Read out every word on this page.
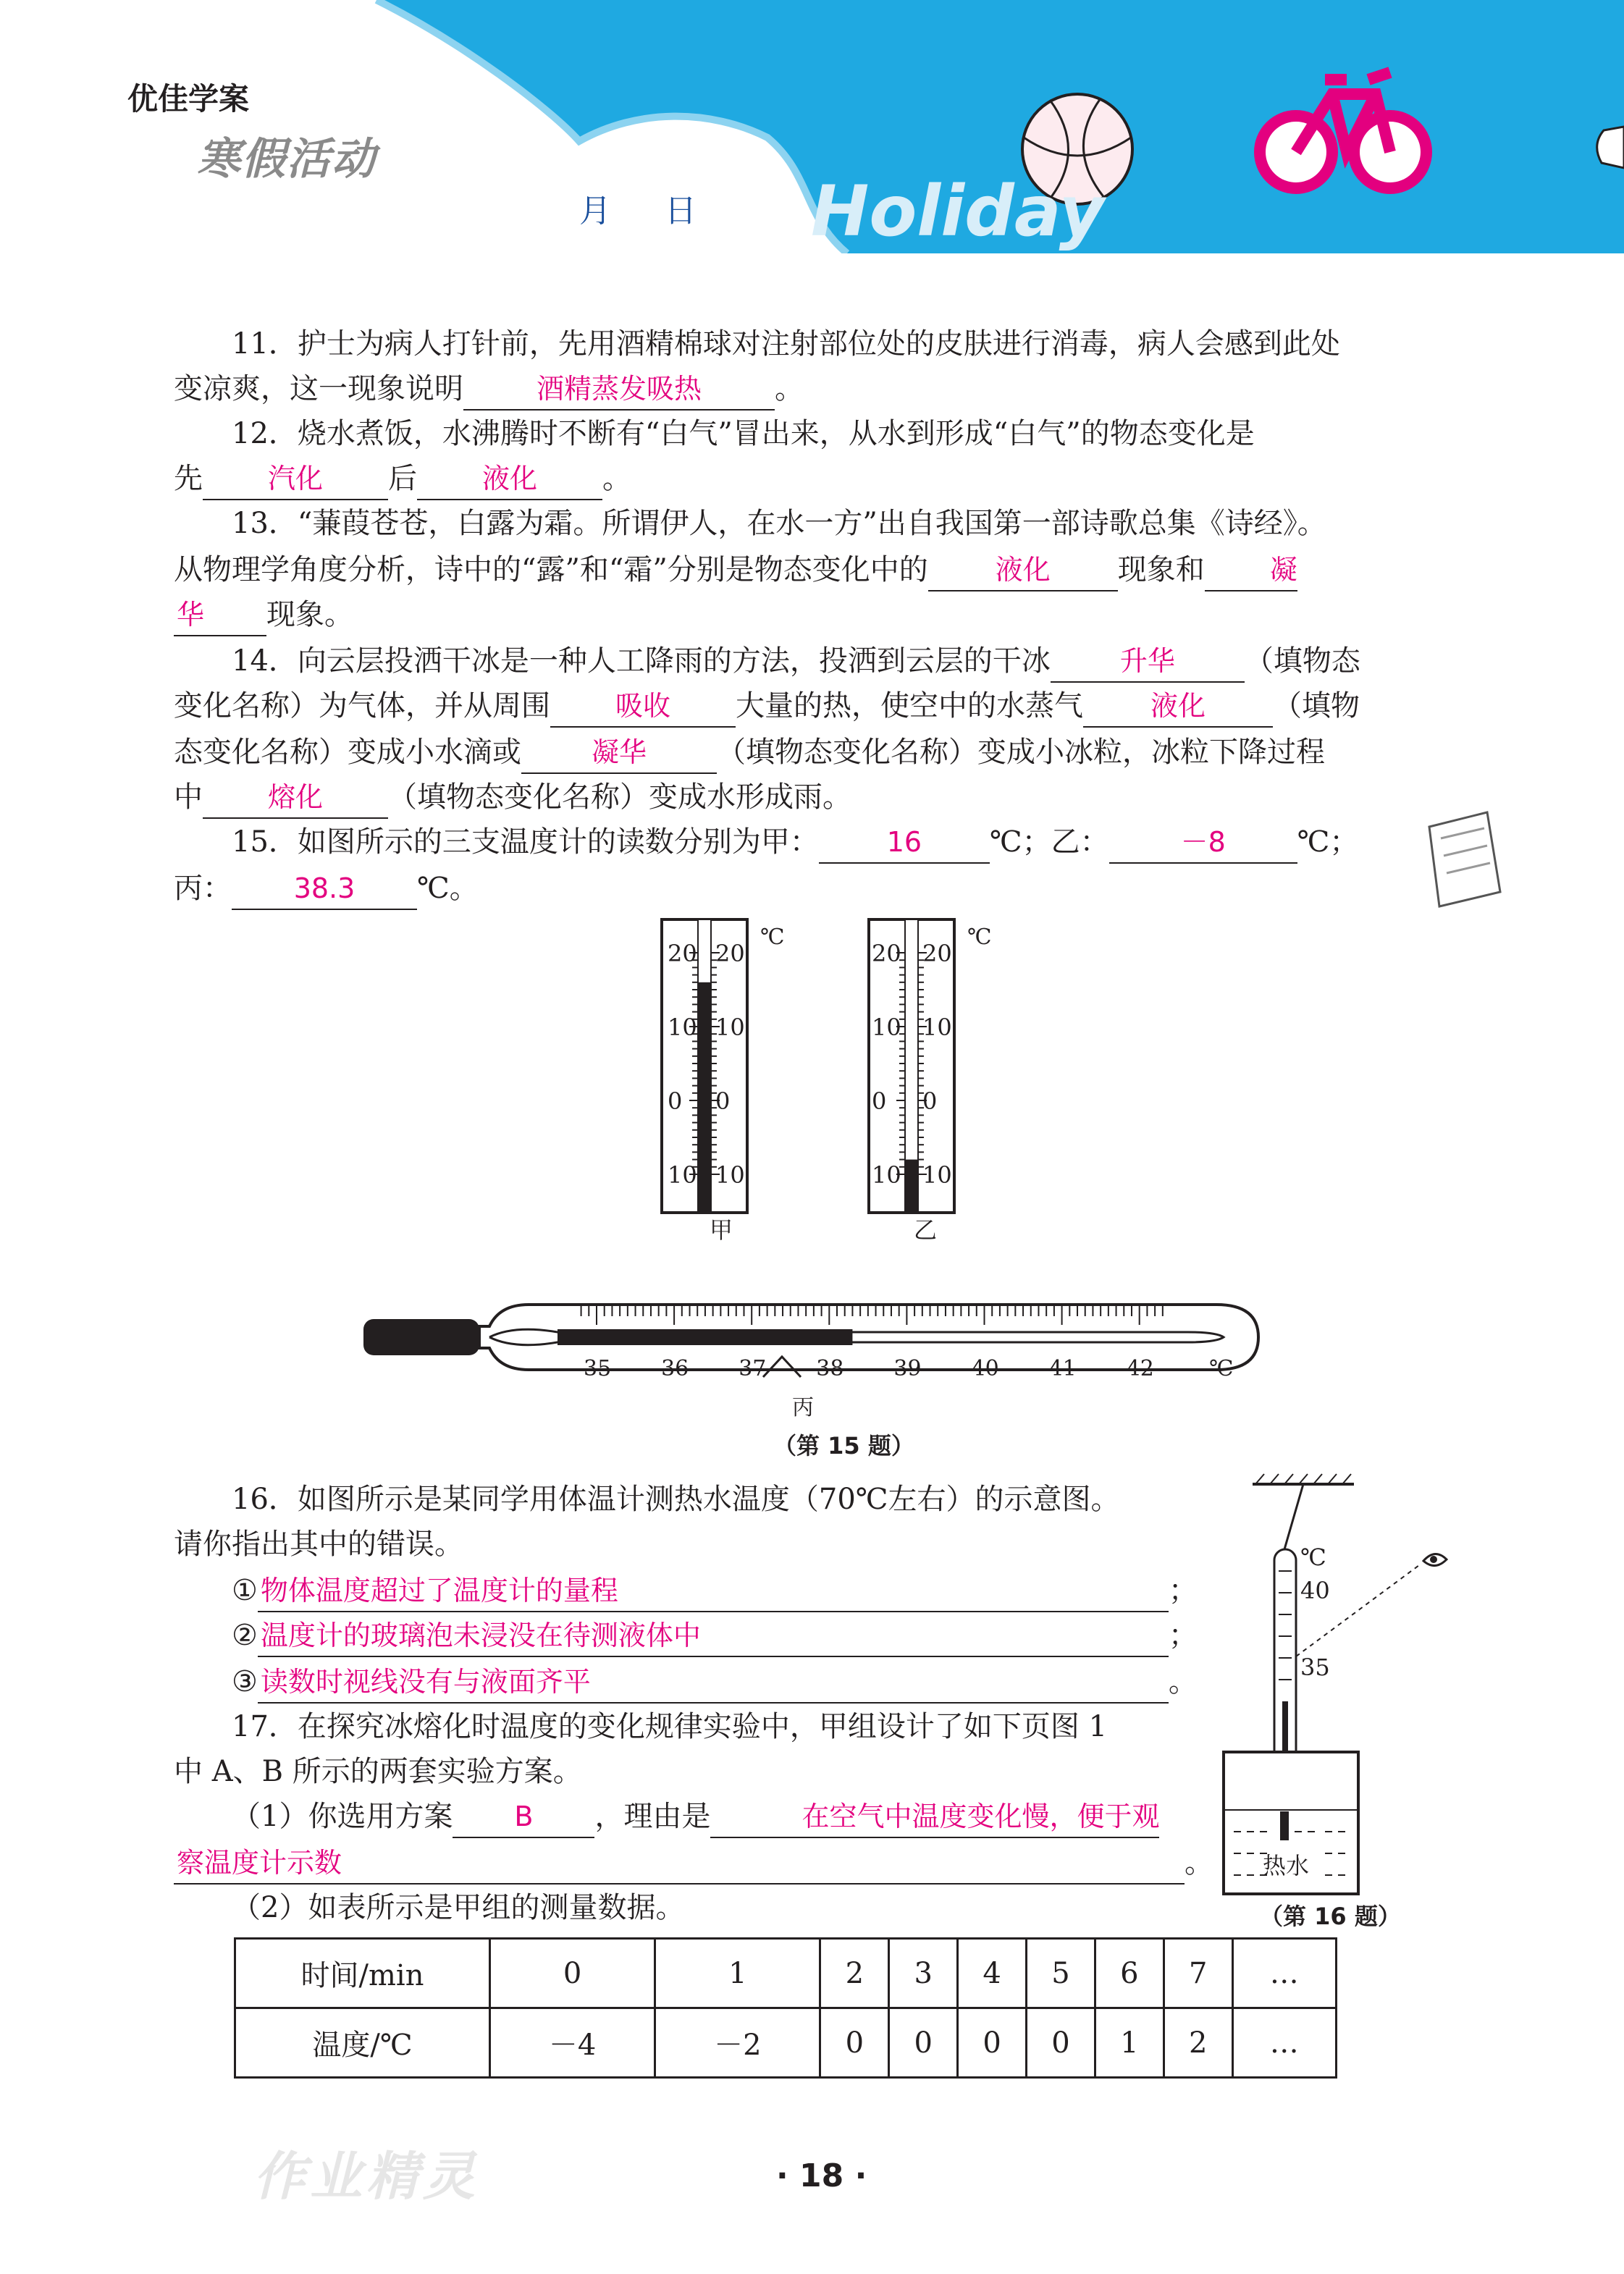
优佳学案
寒假活动
月 日 Holiday
11．护士为病人打针前，先用酒精棉球对注射部位处的皮肤进行消毒，病人会感到此处
变凉爽，这一现象说明	酒精蒸发吸热	。
12．烧水煮饭，水沸腾时不断有“白气”冒出来，从水到形成“白气”的物态变化是
先 汽化 后 液化 。
13．“蒹葭苍苍，白露为霜。所谓伊人，在水一方”出自我国第一部诗歌总集《诗经》。
从物理学角度分析，诗中的“露”和“霜”分别是物态变化中的 液化 现象和 凝
华 现象。
14．向云层投洒干冰是一种人工降雨的方法，投洒到云层的干冰	升华 （填物态
变化名称）为气体，并从周围 吸收 大量的热，使空中的水蒸气 液化 （填物
态变化名称）变成小水滴或	凝华 （填物态变化名称）变成小冰粒，冰粒下降过程
中 熔化 （填物态变化名称）变成水形成雨。
15．如图所示的三支温度计的读数分别为甲： 16 ℃；乙：	－8 ℃；
丙： 38.3 ℃。
20
10
0
10
20
10
0
10
℃
甲
20
10
0
10
20
10
0
10
℃
乙
35 36 37 38 39 40 41 42	℃
丙
（第 15 题）
16．如图所示是某同学用体温计测热水温度（70℃左右）的示意图。
请你指出其中的错误。
① 物体温度超过了温度计的量程	；
② 温度计的玻璃泡未浸没在待测液体中	；
③ 读数时视线没有与液面齐平	。
℃
40
35
热水
（第 16 题）
17．在探究冰熔化时温度的变化规律实验中，甲组设计了如下页图 1
中 A、B 所示的两套实验方案。
（1）你选用方案 B ，理由是	在空气中温度变化慢，便于观
察温度计示数	。
（2）如表所示是甲组的测量数据。
时间/min	0	1	2	3	4	5	6	7	…
温度/℃	－4	－2	0	0	0	0	1	2	…
作业精灵	· 18 ·
